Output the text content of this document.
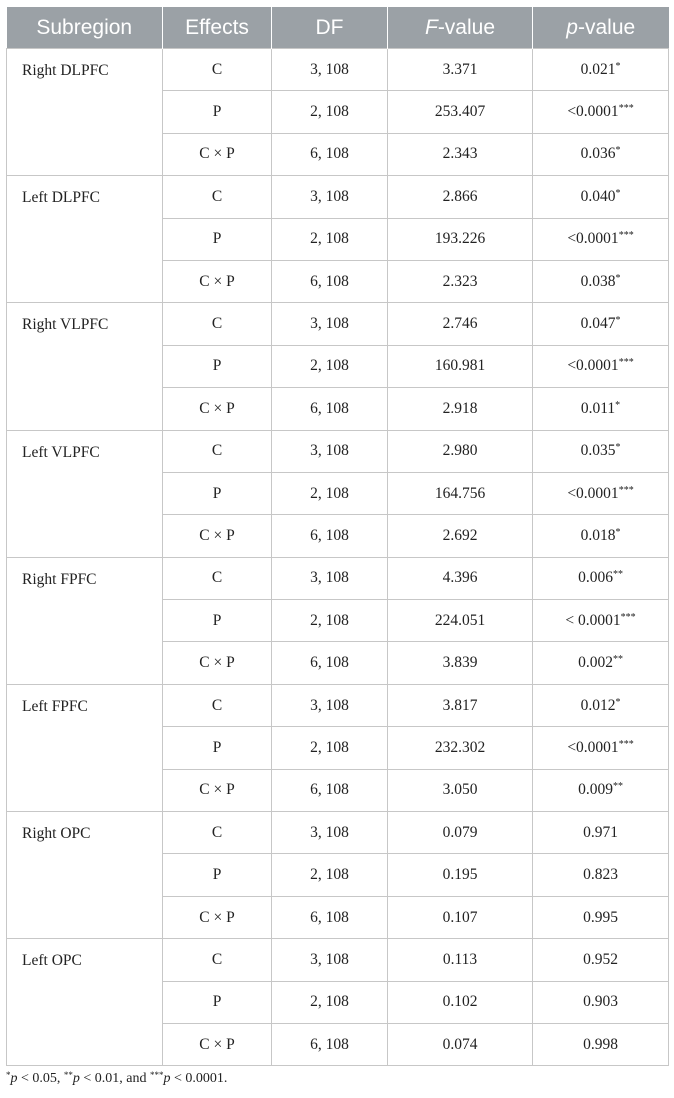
Subregion	Effects	DF	F-value	p-value
Right DLPFC	C	3, 108	3.371	0.021*
	P	2, 108	253.407	<0.0001***
	C × P	6, 108	2.343	0.036*
Left DLPFC	C	3, 108	2.866	0.040*
	P	2, 108	193.226	<0.0001***
	C × P	6, 108	2.323	0.038*
Right VLPFC	C	3, 108	2.746	0.047*
	P	2, 108	160.981	<0.0001***
	C × P	6, 108	2.918	0.011*
Left VLPFC	C	3, 108	2.980	0.035*
	P	2, 108	164.756	<0.0001***
	C × P	6, 108	2.692	0.018*
Right FPFC	C	3, 108	4.396	0.006**
	P	2, 108	224.051	< 0.0001***
	C × P	6, 108	3.839	0.002**
Left FPFC	C	3, 108	3.817	0.012*
	P	2, 108	232.302	<0.0001***
	C × P	6, 108	3.050	0.009**
Right OPC	C	3, 108	0.079	0.971
	P	2, 108	0.195	0.823
	C × P	6, 108	0.107	0.995
Left OPC	C	3, 108	0.113	0.952
	P	2, 108	0.102	0.903
	C × P	6, 108	0.074	0.998
*p < 0.05, **p < 0.01, and ***p < 0.0001.
